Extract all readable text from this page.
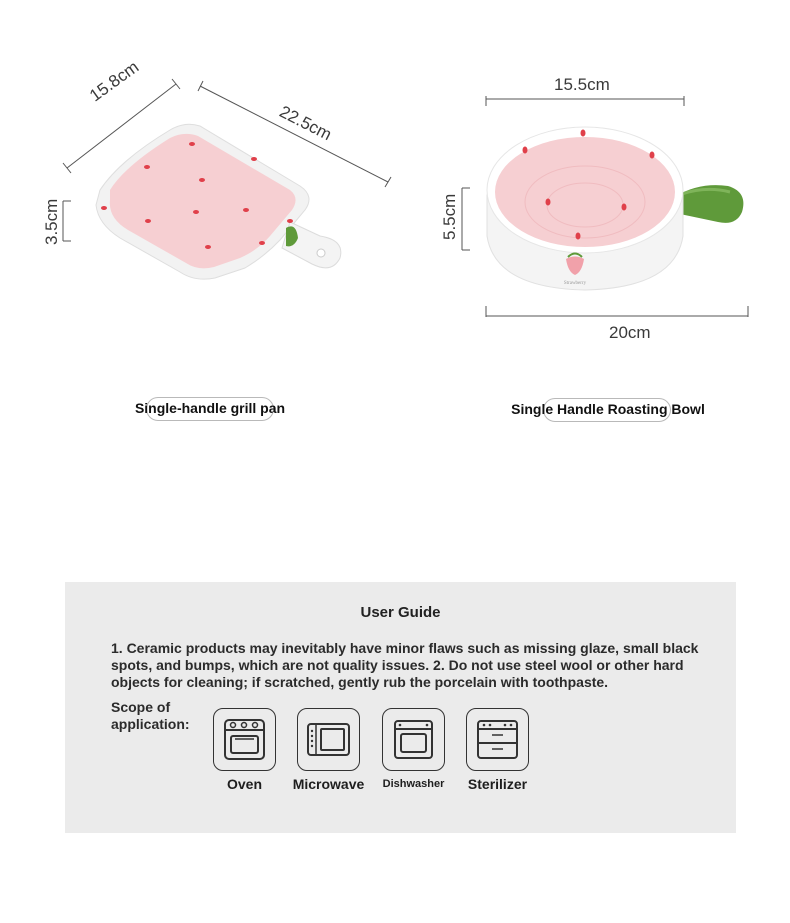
15.8cm
22.5cm
3.5cm
Single-handle grill pan
Strawberry
15.5cm
5.5cm
20cm
Single Handle Roasting Bowl
User Guide
1. Ceramic products may inevitably have minor flaws such as missing glaze, small black spots, and bumps, which are not quality issues. 2. Do not use steel wool or other hard objects for cleaning; if scratched, gently rub the porcelain with toothpaste.
Scope of application:
Oven	Microwave	Dishwasher	Sterilizer
